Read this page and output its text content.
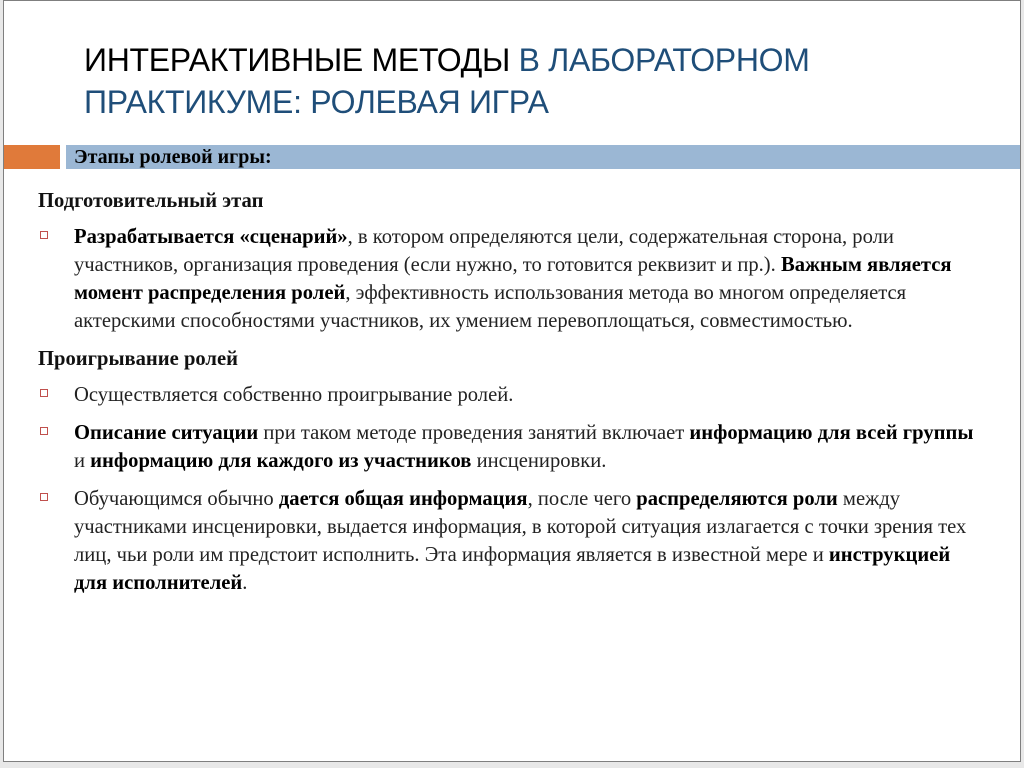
ИНТЕРАКТИВНЫЕ МЕТОДЫ В ЛАБОРАТОРНОМ ПРАКТИКУМЕ: РОЛЕВАЯ ИГРА
Этапы ролевой игры:
Подготовительный этап
Разрабатывается «сценарий», в котором определяются цели, содержательная сторона, роли участников, организация проведения (если нужно, то готовится реквизит и пр.). Важным является момент распределения ролей, эффективность использования метода во многом определяется актерскими способностями участников, их умением перевоплощаться, совместимостью.
Проигрывание ролей
Осуществляется собственно проигрывание ролей.
Описание ситуации при таком методе проведения занятий включает информацию для всей группы и информацию для каждого из участников инсценировки.
Обучающимся обычно дается общая информация, после чего распределяются роли между участниками инсценировки, выдается информация, в которой ситуация излагается с точки зрения тех лиц, чьи роли им предстоит исполнить. Эта информация является в известной мере и инструкцией для исполнителей.
